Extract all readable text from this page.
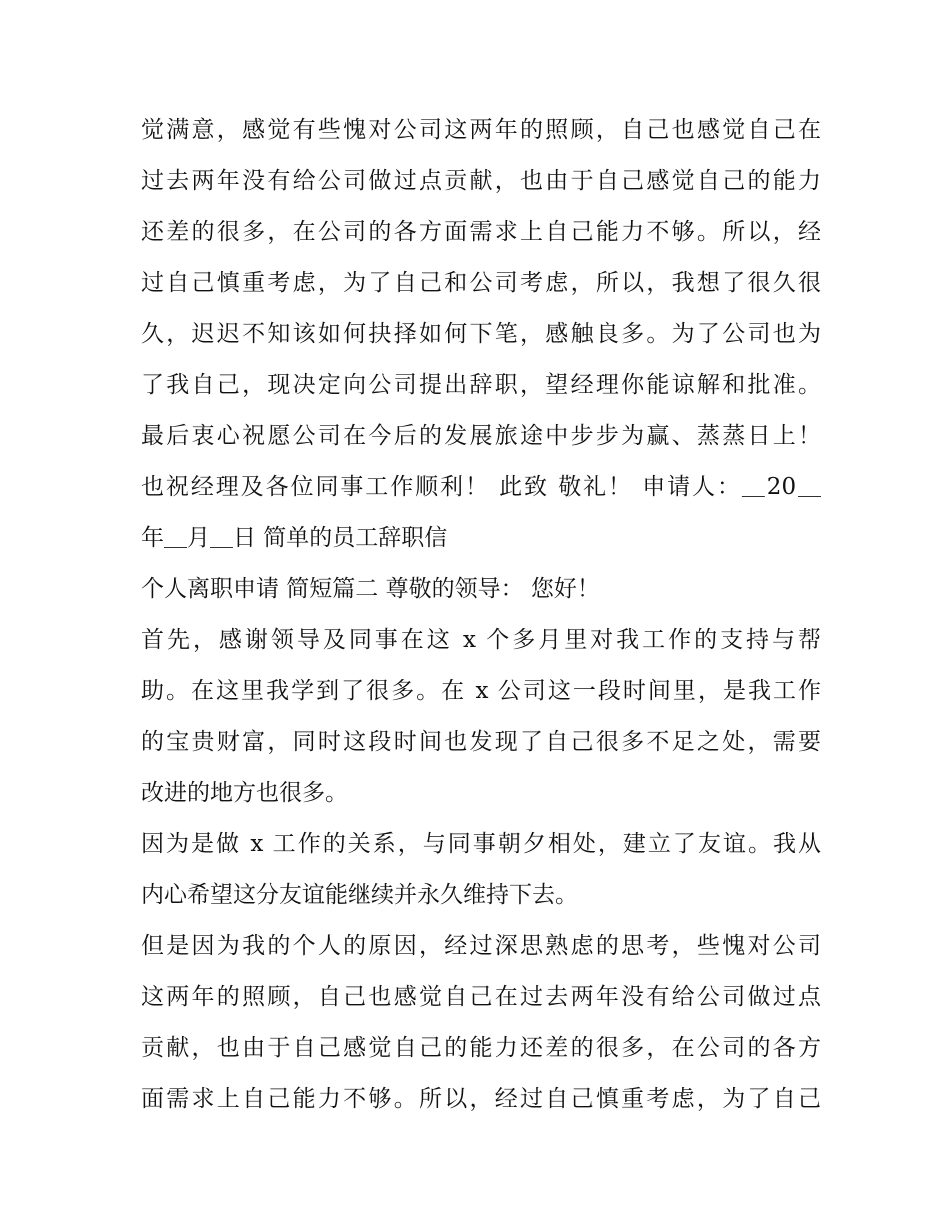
觉满意，感觉有些愧对公司这两年的照顾，自己也感觉自己在
过去两年没有给公司做过点贡献，也由于自己感觉自己的能力
还差的很多，在公司的各方面需求上自己能力不够。所以，经
过自己慎重考虑，为了自己和公司考虑，所以，我想了很久很
久，迟迟不知该如何抉择如何下笔，感触良多。为了公司也为
了我自己，现决定向公司提出辞职，望经理你能谅解和批准。
最后衷心祝愿公司在今后的发展旅途中步步为赢、蒸蒸日上！
也祝经理及各位同事工作顺利！ 此致 敬礼！ 申请人：＿20＿
年＿月＿日 简单的员工辞职信
个人离职申请 简短篇二 尊敬的领导： 您好！
首先，感谢领导及同事在这 x 个多月里对我工作的支持与帮
助。在这里我学到了很多。在 x 公司这一段时间里，是我工作
的宝贵财富，同时这段时间也发现了自己很多不足之处，需要
改进的地方也很多。
因为是做 x 工作的关系，与同事朝夕相处，建立了友谊。我从
内心希望这分友谊能继续并永久维持下去。
但是因为我的个人的原因，经过深思熟虑的思考，些愧对公司
这两年的照顾，自己也感觉自己在过去两年没有给公司做过点
贡献，也由于自己感觉自己的能力还差的很多，在公司的各方
面需求上自己能力不够。所以，经过自己慎重考虑，为了自己
